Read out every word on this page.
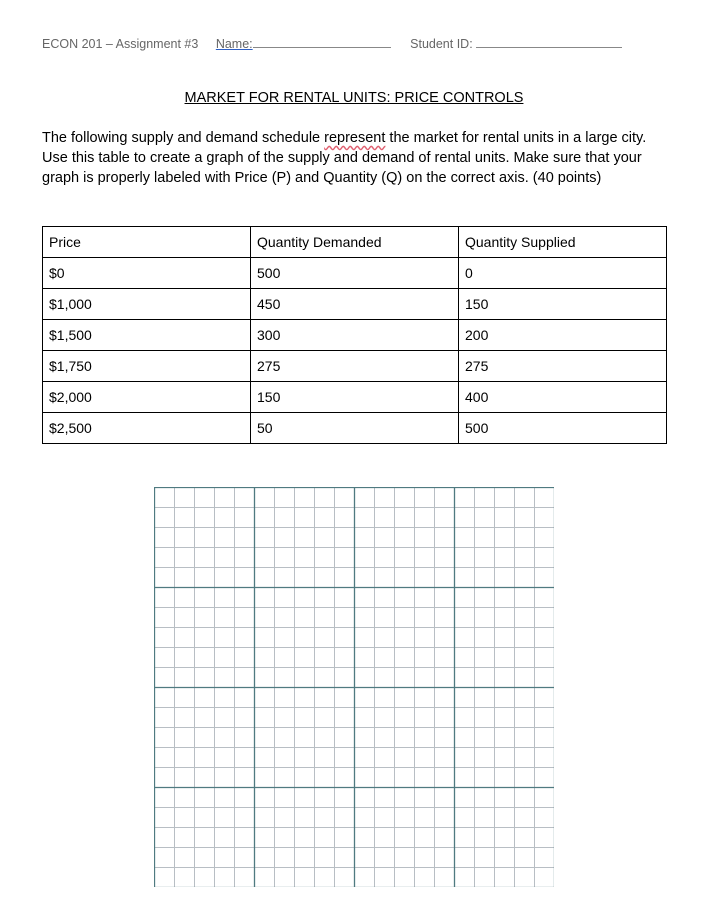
ECON 201 – Assignment #3 Name:	Student ID:
MARKET FOR RENTAL UNITS: PRICE CONTROLS
The following supply and demand schedule represent the market for rental units in a large city. Use this table to create a graph of the supply and demand of rental units. Make sure that your graph is properly labeled with Price (P) and Quantity (Q) on the correct axis. (40 points)
Price	Quantity Demanded	Quantity Supplied
$0	500	0
$1,000	450	150
$1,500	300	200
$1,750	275	275
$2,000	150	400
$2,500	50	500
